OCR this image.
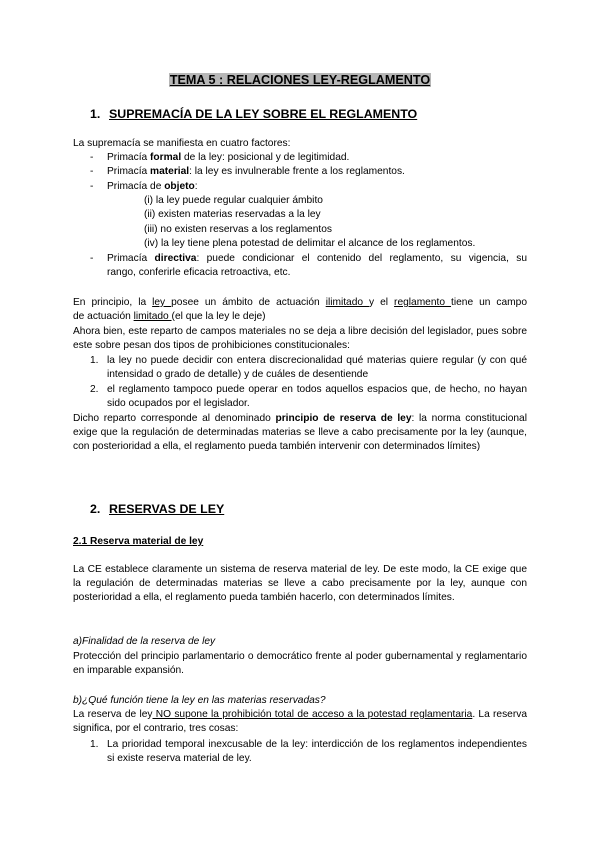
TEMA 5 : RELACIONES LEY-REGLAMENTO
1. SUPREMACÍA DE LA LEY SOBRE EL REGLAMENTO
La supremacía se manifiesta en cuatro factores:
- Primacía formal de la ley: posicional y de legitimidad.
- Primacía material: la ley es invulnerable frente a los reglamentos.
- Primacía de objeto:
(i) la ley puede regular cualquier ámbito
(ii) existen materias reservadas a la ley
(iii) no existen reservas a los reglamentos
(iv) la ley tiene plena potestad de delimitar el alcance de los reglamentos.
- Primacía directiva: puede condicionar el contenido del reglamento, su vigencia, su
rango, conferirle eficacia retroactiva, etc.
En principio, la ley posee un ámbito de actuación ilimitado y el reglamento tiene un campo
de actuación limitado (el que la ley le deje)
Ahora bien, este reparto de campos materiales no se deja a libre decisión del legislador, pues sobre este sobre pesan dos tipos de prohibiciones constitucionales:
1. la ley no puede decidir con entera discrecionalidad qué materias quiere regular (y con qué intensidad o grado de detalle) y de cuáles de desentiende
2. el reglamento tampoco puede operar en todos aquellos espacios que, de hecho, no hayan sido ocupados por el legislador.
Dicho reparto corresponde al denominado principio de reserva de ley: la norma constitucional exige que la regulación de determinadas materias se lleve a cabo precisamente por la ley (aunque, con posterioridad a ella, el reglamento pueda también intervenir con determinados límites)
2. RESERVAS DE LEY
2.1 Reserva material de ley
La CE establece claramente un sistema de reserva material de ley. De este modo, la CE exige que la regulación de determinadas materias se lleve a cabo precisamente por la ley, aunque con posterioridad a ella, el reglamento pueda también hacerlo, con determinados límites.
a)Finalidad de la reserva de ley
Protección del principio parlamentario o democrático frente al poder gubernamental y reglamentario en imparable expansión.
b)¿Qué función tiene la ley en las materias reservadas?
La reserva de ley NO supone la prohibición total de acceso a la potestad reglamentaria. La reserva significa, por el contrario, tres cosas:
1. La prioridad temporal inexcusable de la ley: interdicción de los reglamentos independientes si existe reserva material de ley.
